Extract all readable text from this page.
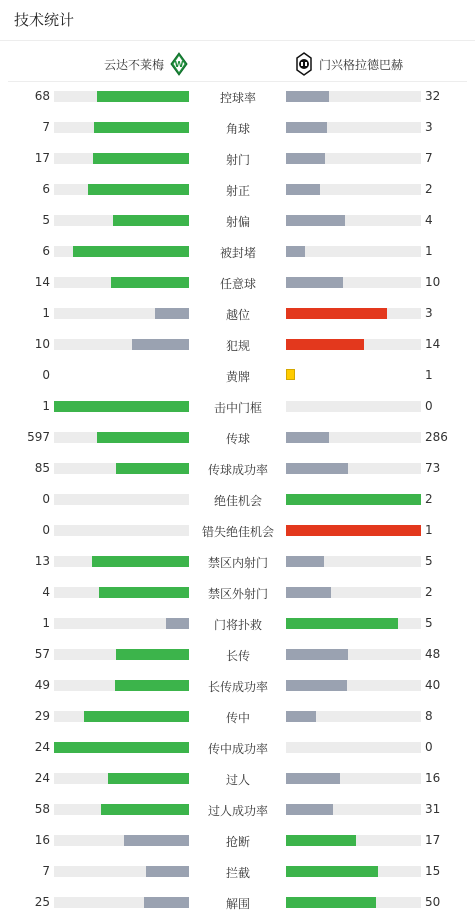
技术统计
云达不莱梅 W	门兴格拉德巴赫
68	控球率	32
7	角球	3
17	射门	7
6	射正	2
5	射偏	4
6	被封堵	1
14	任意球	10
1	越位	3
10	犯规	14
0	黄牌	1
1	击中门框	0
597	传球	286
85	传球成功率	73
0	绝佳机会	2
0	错失绝佳机会	1
13	禁区内射门	5
4	禁区外射门	2
1	门将扑救	5
57	长传	48
49	长传成功率	40
29	传中	8
24	传中成功率	0
24	过人	16
58	过人成功率	31
16	抢断	17
7	拦截	15
25	解围	50
